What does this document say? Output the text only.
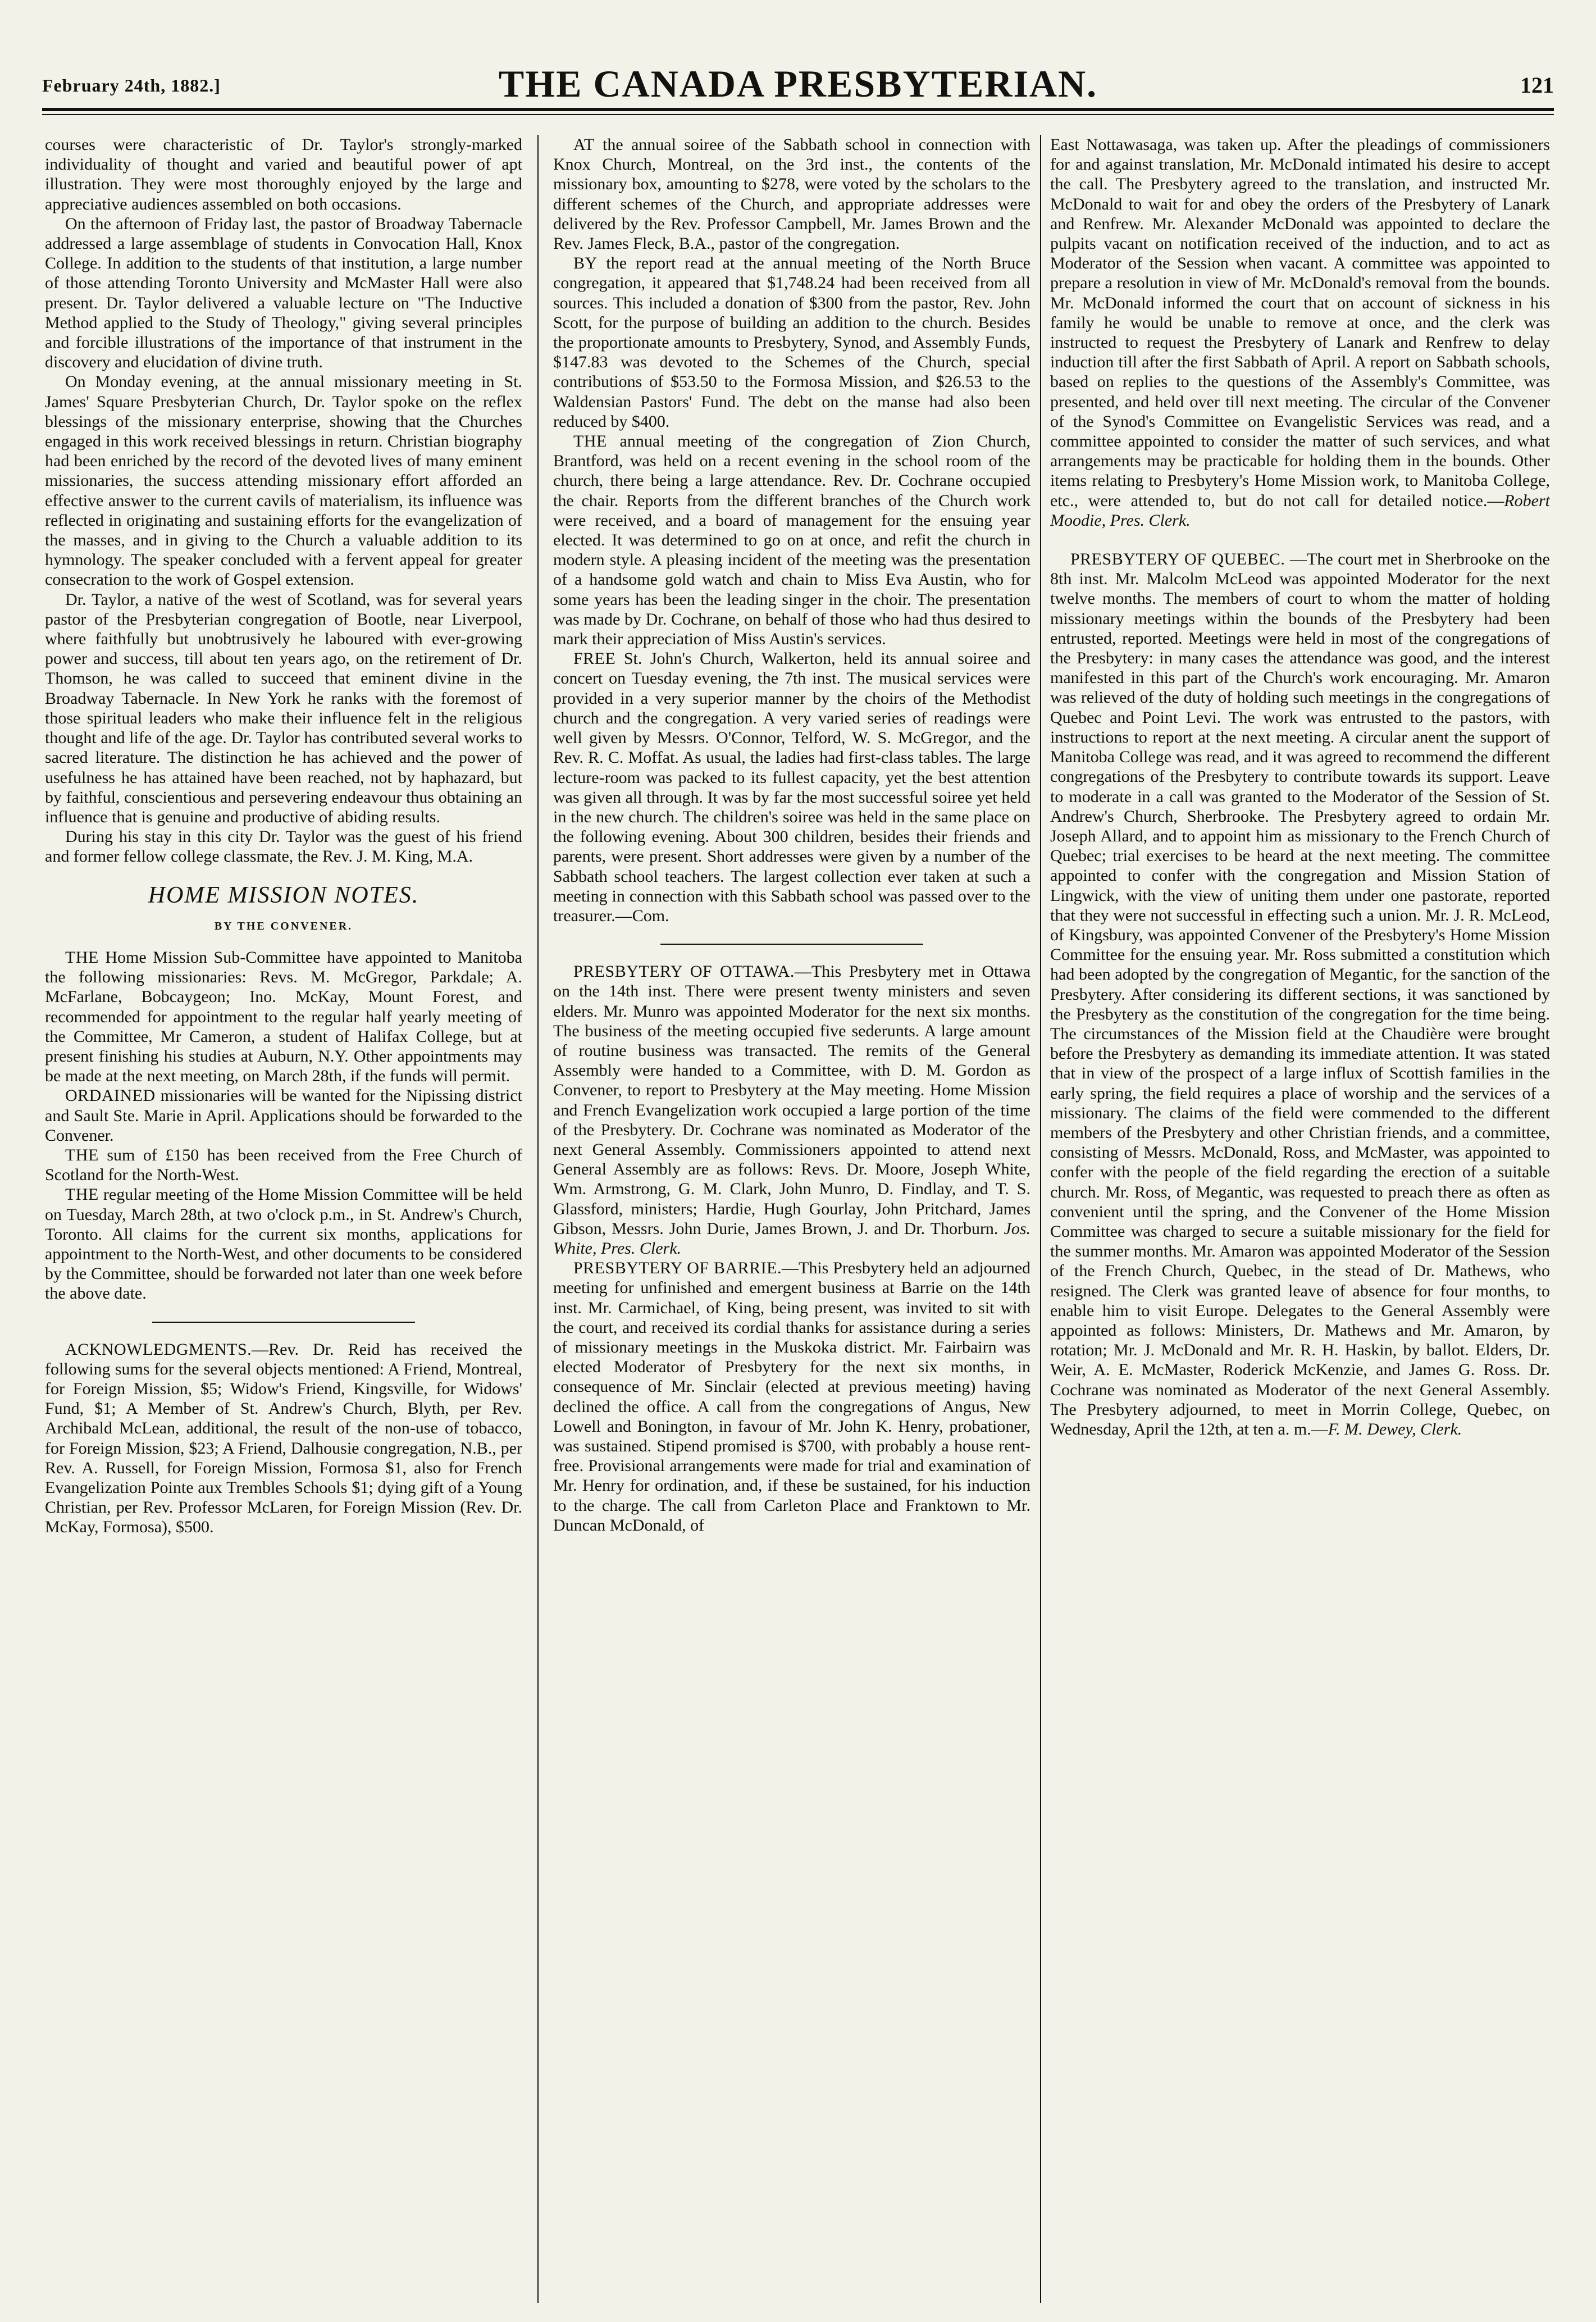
February 24th, 1882.]	THE CANADA PRESBYTERIAN.	121

courses were characteristic of Dr. Taylor's strongly-marked individuality of thought and varied and beautiful power of apt illustration. They were most thoroughly enjoyed by the large and appreciative audiences assembled on both occasions.

On the afternoon of Friday last, the pastor of Broadway Tabernacle addressed a large assemblage of students in Convocation Hall, Knox College. In addition to the students of that institution, a large number of those attending Toronto University and McMaster Hall were also present. Dr. Taylor delivered a valuable lecture on "The Inductive Method applied to the Study of Theology," giving several principles and forcible illustrations of the importance of that instrument in the discovery and elucidation of divine truth.

On Monday evening, at the annual missionary meeting in St. James' Square Presbyterian Church, Dr. Taylor spoke on the reflex blessings of the missionary enterprise, showing that the Churches engaged in this work received blessings in return. Christian biography had been enriched by the record of the devoted lives of many eminent missionaries, the success attending missionary effort afforded an effective answer to the current cavils of materialism, its influence was reflected in originating and sustaining efforts for the evangelization of the masses, and in giving to the Church a valuable addition to its hymnology. The speaker concluded with a fervent appeal for greater consecration to the work of Gospel extension.

Dr. Taylor, a native of the west of Scotland, was for several years pastor of the Presbyterian congregation of Bootle, near Liverpool, where faithfully but unobtrusively he laboured with ever-growing power and success, till about ten years ago, on the retirement of Dr. Thomson, he was called to succeed that eminent divine in the Broadway Tabernacle. In New York he ranks with the foremost of those spiritual leaders who make their influence felt in the religious thought and life of the age. Dr. Taylor has contributed several works to sacred literature. The distinction he has achieved and the power of usefulness he has attained have been reached, not by haphazard, but by faithful, conscientious and persevering endeavour thus obtaining an influence that is genuine and productive of abiding results.

During his stay in this city Dr. Taylor was the guest of his friend and former fellow college classmate, the Rev. J. M. King, M.A.

HOME MISSION NOTES.
BY THE CONVENER.

THE Home Mission Sub-Committee have appointed to Manitoba the following missionaries: Revs. M. McGregor, Parkdale; A. McFarlane, Bobcaygeon; Ino. McKay, Mount Forest, and recommended for appointment to the regular half yearly meeting of the Committee, Mr Cameron, a student of Halifax College, but at present finishing his studies at Auburn, N.Y. Other appointments may be made at the next meeting, on March 28th, if the funds will permit.

ORDAINED missionaries will be wanted for the Nipissing district and Sault Ste. Marie in April. Applications should be forwarded to the Convener.

THE sum of £150 has been received from the Free Church of Scotland for the North-West.

THE regular meeting of the Home Mission Committee will be held on Tuesday, March 28th, at two o'clock p.m., in St. Andrew's Church, Toronto. All claims for the current six months, applications for appointment to the North-West, and other documents to be considered by the Committee, should be forwarded not later than one week before the above date.

ACKNOWLEDGMENTS.—Rev. Dr. Reid has received the following sums for the several objects mentioned: A Friend, Montreal, for Foreign Mission, $5; Widow's Friend, Kingsville, for Widows' Fund, $1; A Member of St. Andrew's Church, Blyth, per Rev. Archibald McLean, additional, the result of the non-use of tobacco, for Foreign Mission, $23; A Friend, Dalhousie congregation, N.B., per Rev. A. Russell, for Foreign Mission, Formosa $1, also for French Evangelization Pointe aux Trembles Schools $1; dying gift of a Young Christian, per Rev. Professor McLaren, for Foreign Mission (Rev. Dr. McKay, Formosa), $500.

AT the annual soiree of the Sabbath school in connection with Knox Church, Montreal, on the 3rd inst., the contents of the missionary box, amounting to $278, were voted by the scholars to the different schemes of the Church, and appropriate addresses were delivered by the Rev. Professor Campbell, Mr. James Brown and the Rev. James Fleck, B.A., pastor of the congregation.

BY the report read at the annual meeting of the North Bruce congregation, it appeared that $1,748.24 had been received from all sources. This included a donation of $300 from the pastor, Rev. John Scott, for the purpose of building an addition to the church. Besides the proportionate amounts to Presbytery, Synod, and Assembly Funds, $147.83 was devoted to the Schemes of the Church, special contributions of $53.50 to the Formosa Mission, and $26.53 to the Waldensian Pastors' Fund. The debt on the manse had also been reduced by $400.

THE annual meeting of the congregation of Zion Church, Brantford, was held on a recent evening in the school room of the church, there being a large attendance. Rev. Dr. Cochrane occupied the chair. Reports from the different branches of the Church work were received, and a board of management for the ensuing year elected. It was determined to go on at once, and refit the church in modern style. A pleasing incident of the meeting was the presentation of a handsome gold watch and chain to Miss Eva Austin, who for some years has been the leading singer in the choir. The presentation was made by Dr. Cochrane, on behalf of those who had thus desired to mark their appreciation of Miss Austin's services.

FREE St. John's Church, Walkerton, held its annual soiree and concert on Tuesday evening, the 7th inst. The musical services were provided in a very superior manner by the choirs of the Methodist church and the congregation. A very varied series of readings were well given by Messrs. O'Connor, Telford, W. S. McGregor, and the Rev. R. C. Moffat. As usual, the ladies had first-class tables. The large lecture-room was packed to its fullest capacity, yet the best attention was given all through. It was by far the most successful soiree yet held in the new church. The children's soiree was held in the same place on the following evening. About 300 children, besides their friends and parents, were present. Short addresses were given by a number of the Sabbath school teachers. The largest collection ever taken at such a meeting in connection with this Sabbath school was passed over to the treasurer.—Com.

PRESBYTERY OF OTTAWA.—This Presbytery met in Ottawa on the 14th inst. There were present twenty ministers and seven elders. Mr. Munro was appointed Moderator for the next six months. The business of the meeting occupied five sederunts. A large amount of routine business was transacted. The remits of the General Assembly were handed to a Committee, with D. M. Gordon as Convener, to report to Presbytery at the May meeting. Home Mission and French Evangelization work occupied a large portion of the time of the Presbytery. Dr. Cochrane was nominated as Moderator of the next General Assembly. Commissioners appointed to attend next General Assembly are as follows: Revs. Dr. Moore, Joseph White, Wm. Armstrong, G. M. Clark, John Munro, D. Findlay, and T. S. Glassford, ministers; Hardie, Hugh Gourlay, John Pritchard, James Gibson, Messrs. John Durie, James Brown, J. and Dr. Thorburn. Jos. White, Pres. Clerk.

PRESBYTERY OF BARRIE.—This Presbytery held an adjourned meeting for unfinished and emergent business at Barrie on the 14th inst. Mr. Carmichael, of King, being present, was invited to sit with the court, and received its cordial thanks for assistance during a series of missionary meetings in the Muskoka district. Mr. Fairbairn was elected Moderator of Presbytery for the next six months, in consequence of Mr. Sinclair (elected at previous meeting) having declined the office. A call from the congregations of Angus, New Lowell and Bonington, in favour of Mr. John K. Henry, probationer, was sustained. Stipend promised is $700, with probably a house rent-free. Provisional arrangements were made for trial and examination of Mr. Henry for ordination, and, if these be sustained, for his induction to the charge. The call from Carleton Place and Franktown to Mr. Duncan McDonald, of

East Nottawasaga, was taken up. After the pleadings of commissioners for and against translation, Mr. McDonald intimated his desire to accept the call. The Presbytery agreed to the translation, and instructed Mr. McDonald to wait for and obey the orders of the Presbytery of Lanark and Renfrew. Mr. Alexander McDonald was appointed to declare the pulpits vacant on notification received of the induction, and to act as Moderator of the Session when vacant. A committee was appointed to prepare a resolution in view of Mr. McDonald's removal from the bounds. Mr. McDonald informed the court that on account of sickness in his family he would be unable to remove at once, and the clerk was instructed to request the Presbytery of Lanark and Renfrew to delay induction till after the first Sabbath of April. A report on Sabbath schools, based on replies to the questions of the Assembly's Committee, was presented, and held over till next meeting. The circular of the Convener of the Synod's Committee on Evangelistic Services was read, and a committee appointed to consider the matter of such services, and what arrangements may be practicable for holding them in the bounds. Other items relating to Presbytery's Home Mission work, to Manitoba College, etc., were attended to, but do not call for detailed notice.—Robert Moodie, Pres. Clerk.

PRESBYTERY OF QUEBEC. —The court met in Sherbrooke on the 8th inst. Mr. Malcolm McLeod was appointed Moderator for the next twelve months. The members of court to whom the matter of holding missionary meetings within the bounds of the Presbytery had been entrusted, reported. Meetings were held in most of the congregations of the Presbytery: in many cases the attendance was good, and the interest manifested in this part of the Church's work encouraging. Mr. Amaron was relieved of the duty of holding such meetings in the congregations of Quebec and Point Levi. The work was entrusted to the pastors, with instructions to report at the next meeting. A circular anent the support of Manitoba College was read, and it was agreed to recommend the different congregations of the Presbytery to contribute towards its support. Leave to moderate in a call was granted to the Moderator of the Session of St. Andrew's Church, Sherbrooke. The Presbytery agreed to ordain Mr. Joseph Allard, and to appoint him as missionary to the French Church of Quebec; trial exercises to be heard at the next meeting. The committee appointed to confer with the congregation and Mission Station of Lingwick, with the view of uniting them under one pastorate, reported that they were not successful in effecting such a union. Mr. J. R. McLeod, of Kingsbury, was appointed Convener of the Presbytery's Home Mission Committee for the ensuing year. Mr. Ross submitted a constitution which had been adopted by the congregation of Megantic, for the sanction of the Presbytery. After considering its different sections, it was sanctioned by the Presbytery as the constitution of the congregation for the time being. The circumstances of the Mission field at the Chaudière were brought before the Presbytery as demanding its immediate attention. It was stated that in view of the prospect of a large influx of Scottish families in the early spring, the field requires a place of worship and the services of a missionary. The claims of the field were commended to the different members of the Presbytery and other Christian friends, and a committee, consisting of Messrs. McDonald, Ross, and McMaster, was appointed to confer with the people of the field regarding the erection of a suitable church. Mr. Ross, of Megantic, was requested to preach there as often as convenient until the spring, and the Convener of the Home Mission Committee was charged to secure a suitable missionary for the field for the summer months. Mr. Amaron was appointed Moderator of the Session of the French Church, Quebec, in the stead of Dr. Mathews, who resigned. The Clerk was granted leave of absence for four months, to enable him to visit Europe. Delegates to the General Assembly were appointed as follows: Ministers, Dr. Mathews and Mr. Amaron, by rotation; Mr. J. McDonald and Mr. R. H. Haskin, by ballot. Elders, Dr. Weir, A. E. McMaster, Roderick McKenzie, and James G. Ross. Dr. Cochrane was nominated as Moderator of the next General Assembly. The Presbytery adjourned, to meet in Morrin College, Quebec, on Wednesday, April the 12th, at ten a. m.—F. M. Dewey, Clerk.
